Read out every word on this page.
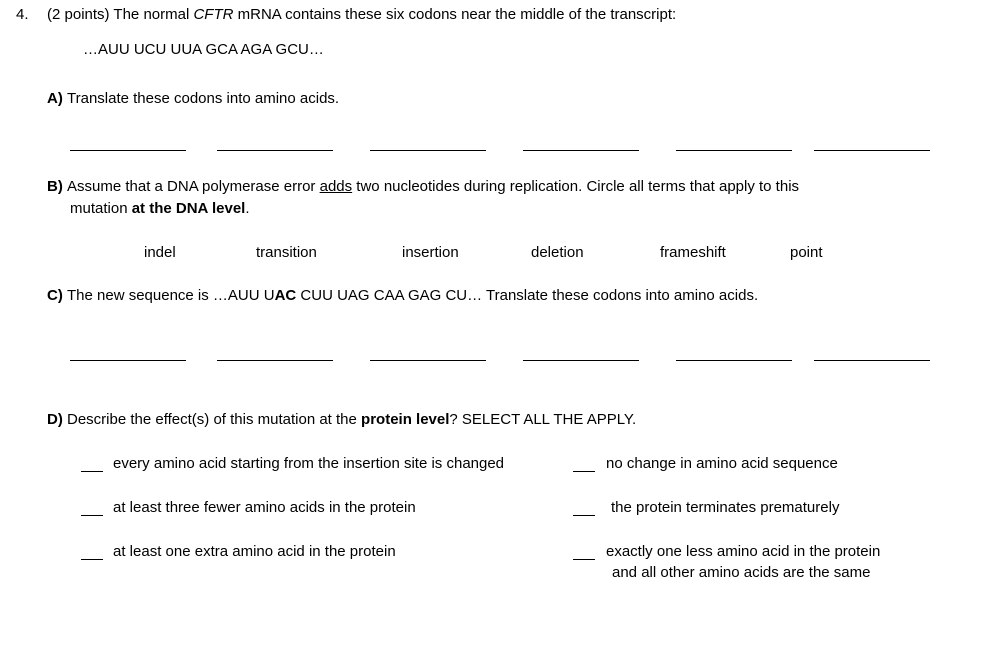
4. (2 points) The normal CFTR mRNA contains these six codons near the middle of the transcript:
…AUU UCU UUA GCA AGA GCU…
A) Translate these codons into amino acids.
B) Assume that a DNA polymerase error adds two nucleotides during replication. Circle all terms that apply to this
mutation at the DNA level.
indel	transition	insertion	deletion	frameshift	point
C) The new sequence is …AUU UAC CUU UAG CAA GAG CU… Translate these codons into amino acids.
D) Describe the effect(s) of this mutation at the protein level? SELECT ALL THE APPLY.
every amino acid starting from the insertion site is changed	no change in amino acid sequence
at least three fewer amino acids in the protein	the protein terminates prematurely
at least one extra amino acid in the protein	exactly one less amino acid in the protein
and all other amino acids are the same
